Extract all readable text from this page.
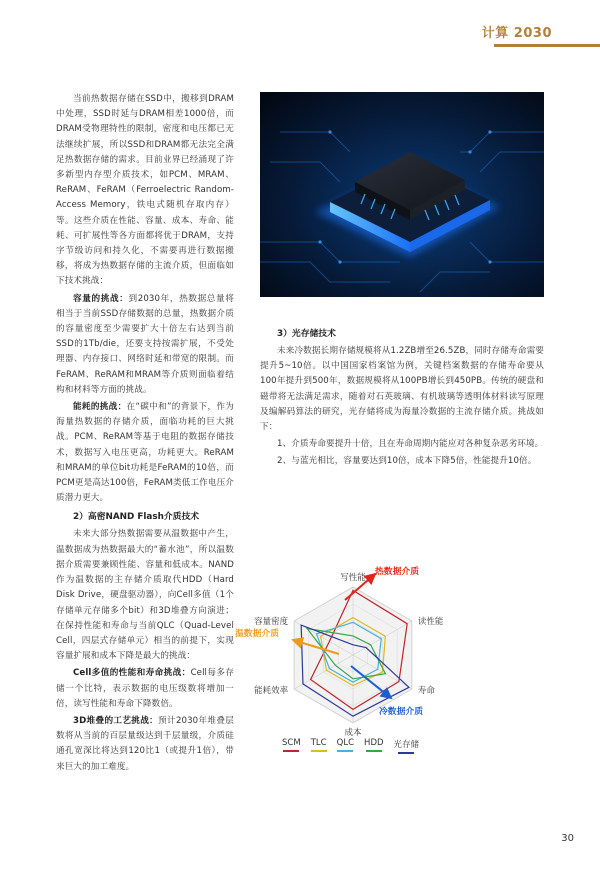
计算 2030

当前热数据存储在SSD中，搬移到DRAM中处理，SSD时延与DRAM相差1000倍，而DRAM受物理特性的限制，密度和电压都已无法继续扩展，所以SSD和DRAM都无法完全满足热数据存储的需求。目前业界已经涌现了许多新型内存型介质技术，如PCM、MRAM、ReRAM、FeRAM（Ferroelectric Random-Access Memory，铁电式随机存取内存）等。这些介质在性能、容量、成本、寿命、能耗、可扩展性等各方面都将优于DRAM，支持字节级访问和持久化，不需要再进行数据搬移，将成为热数据存储的主流介质，但面临如下技术挑战：

容量的挑战：到2030年，热数据总量将相当于当前SSD存储数据的总量，热数据介质的容量密度至少需要扩大十倍左右达到当前SSD的1Tb/die，还要支持按需扩展，不受处理器、内存接口、网络时延和带宽的限制。而FeRAM、ReRAM和MRAM等介质则面临着结构和材料等方面的挑战。

能耗的挑战：在“碳中和”的背景下，作为海量热数据的存储介质，面临功耗的巨大挑战。PCM、ReRAM等基于电阻的数据存储技术，数据写入电压更高，功耗更大。ReRAM和MRAM的单位bit功耗是FeRAM的10倍，而PCM更是高达100倍，FeRAM类低工作电压介质潜力更大。

2）高密NAND Flash介质技术

未来大部分热数据需要从温数据中产生，温数据成为热数据最大的“蓄水池”，所以温数据介质需要兼顾性能、容量和低成本。NAND作为温数据的主存储介质取代HDD（Hard Disk Drive，硬盘驱动器），向Cell多值（1个存储单元存储多个bit）和3D堆叠方向演进；在保持性能和寿命与当前QLC（Quad-Level Cell，四层式存储单元）相当的前提下，实现容量扩展和成本下降是最大的挑战：

Cell多值的性能和寿命挑战：Cell每多存储一个比特，表示数据的电压级数将增加一倍，读写性能和寿命下降数倍。

3D堆叠的工艺挑战：预计2030年堆叠层数将从当前的百层量级达到千层量级，介质硅通孔宽深比将达到120比1（或提升1倍），带来巨大的加工难度。

3）光存储技术

未来冷数据长期存储规模将从1.2ZB增至26.5ZB，同时存储寿命需要提升5~10倍。以中国国家档案馆为例，关键档案数据的存储寿命要从100年提升到500年，数据规模将从100PB增长到450PB。传统的硬盘和磁带将无法满足需求，随着对石英玻璃、有机玻璃等透明体材料读写原理及编解码算法的研究，光存储将成为海量冷数据的主流存储介质。挑战如下：

1、介质寿命要提升十倍，且在寿命周期内能应对各种复杂恶劣环境。

2、与蓝光相比，容量要达到10倍，成本下降5倍，性能提升10倍。

写性能
读性能
寿命
成本
能耗效率
容量密度
热数据介质
温数据介质
冷数据介质
SCM TLC QLC HDD 光存储
30
